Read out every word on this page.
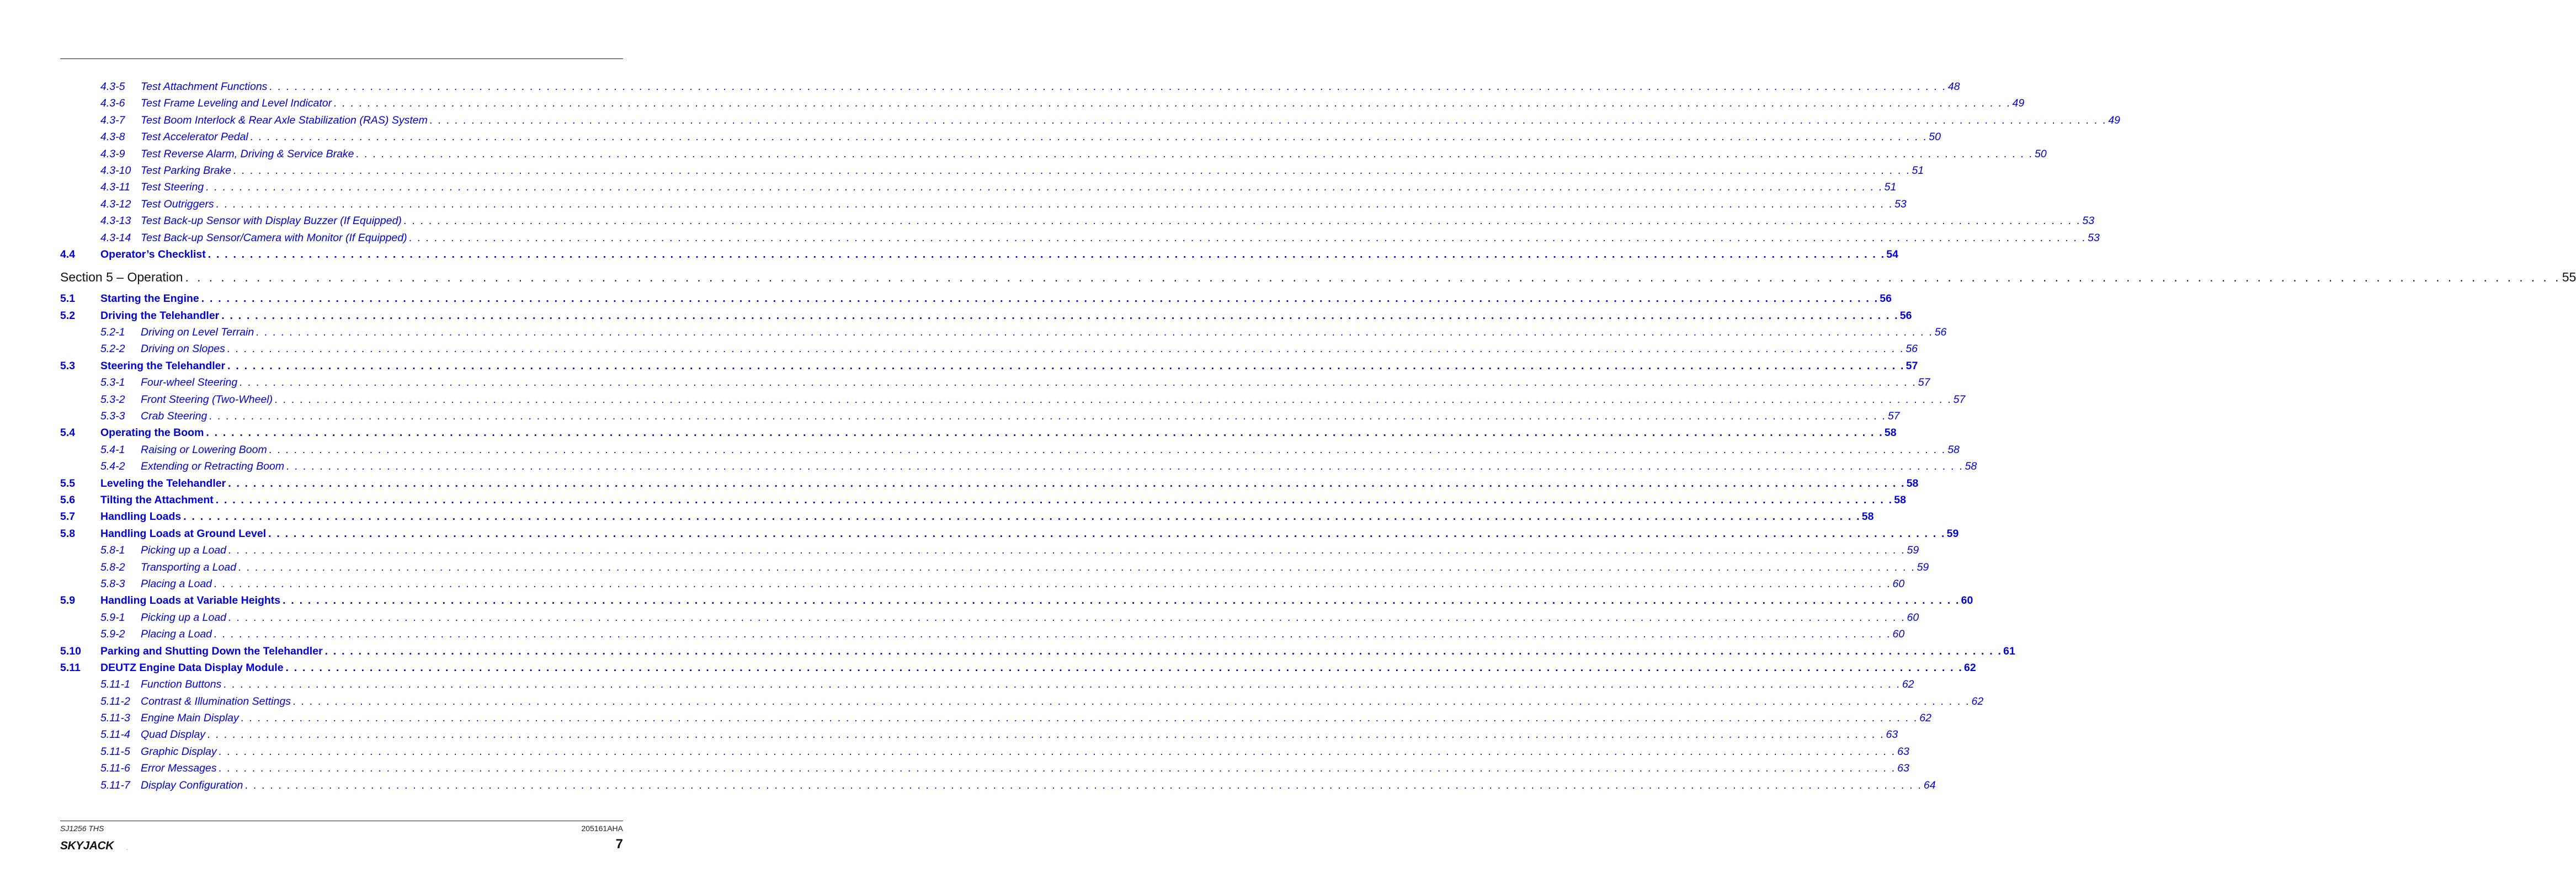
4.3-5	Test Attachment Functions . . . . . . . . . . . . . . . . . . . . . . . . . . . . . . . . . . . . . . . . . . . . . . . . . . . . . . . . . . . . . . . . . . . . . . . . . . . . . . . . . . . . . . . . . . . . . . . . . . . . . . . . . . . . . . . . . . . . . . . . . . . . . . . . . . . . . . . . . . . . . . . . . . . . . . . . . . . . . . . . . . . . . . . . . . . . . . . . . . . . . . . . . . . . . . . . . . . . . . . . 48
4.3-6	Test Frame Leveling and Level Indicator . . . . . . . . . . . . . . . . . . . . . . . . . . . . . . . . . . . . . . . . . . . . . . . . . . . . . . . . . . . . . . . . . . . . . . . . . . . . . . . . . . . . . . . . . . . . . . . . . . . . . . . . . . . . . . . . . . . . . . . . . . . . . . . . . . . . . . . . . . . . . . . . . . . . . . . . . . . . . . . . . . . . . . . . . . . . . . . . . . . . . . . . . . . . . . . . . . . . . . . . 49
4.3-7	Test Boom Interlock & Rear Axle Stabilization (RAS) System . . . . . . . . . . . . . . . . . . . . . . . . . . . . . . . . . . . . . . . . . . . . . . . . . . . . . . . . . . . . . . . . . . . . . . . . . . . . . . . . . . . . . . . . . . . . . . . . . . . . . . . . . . . . . . . . . . . . . . . . . . . . . . . . . . . . . . . . . . . . . . . . . . . . . . . . . . . . . . . . . . . . . . . . . . . . . . . . . . . . . . . . . . . . . . . . . . . . . . . . 49
4.3-8	Test Accelerator Pedal . . . . . . . . . . . . . . . . . . . . . . . . . . . . . . . . . . . . . . . . . . . . . . . . . . . . . . . . . . . . . . . . . . . . . . . . . . . . . . . . . . . . . . . . . . . . . . . . . . . . . . . . . . . . . . . . . . . . . . . . . . . . . . . . . . . . . . . . . . . . . . . . . . . . . . . . . . . . . . . . . . . . . . . . . . . . . . . . . . . . . . . . . . . . . . . . . . . . . . . . 50
4.3-9	Test Reverse Alarm, Driving & Service Brake . . . . . . . . . . . . . . . . . . . . . . . . . . . . . . . . . . . . . . . . . . . . . . . . . . . . . . . . . . . . . . . . . . . . . . . . . . . . . . . . . . . . . . . . . . . . . . . . . . . . . . . . . . . . . . . . . . . . . . . . . . . . . . . . . . . . . . . . . . . . . . . . . . . . . . . . . . . . . . . . . . . . . . . . . . . . . . . . . . . . . . . . . . . . . . . . . . . . . . . . 50
4.3-10 Test Parking Brake . . . . . . . . . . . . . . . . . . . . . . . . . . . . . . . . . . . . . . . . . . . . . . . . . . . . . . . . . . . . . . . . . . . . . . . . . . . . . . . . . . . . . . . . . . . . . . . . . . . . . . . . . . . . . . . . . . . . . . . . . . . . . . . . . . . . . . . . . . . . . . . . . . . . . . . . . . . . . . . . . . . . . . . . . . . . . . . . . . . . . . . . . . . . . . . . . . . . . . . . 51
4.3-11 Test Steering . . . . . . . . . . . . . . . . . . . . . . . . . . . . . . . . . . . . . . . . . . . . . . . . . . . . . . . . . . . . . . . . . . . . . . . . . . . . . . . . . . . . . . . . . . . . . . . . . . . . . . . . . . . . . . . . . . . . . . . . . . . . . . . . . . . . . . . . . . . . . . . . . . . . . . . . . . . . . . . . . . . . . . . . . . . . . . . . . . . . . . . . . . . . . . . . . . . . . . . . 51
4.3-12 Test Outriggers . . . . . . . . . . . . . . . . . . . . . . . . . . . . . . . . . . . . . . . . . . . . . . . . . . . . . . . . . . . . . . . . . . . . . . . . . . . . . . . . . . . . . . . . . . . . . . . . . . . . . . . . . . . . . . . . . . . . . . . . . . . . . . . . . . . . . . . . . . . . . . . . . . . . . . . . . . . . . . . . . . . . . . . . . . . . . . . . . . . . . . . . . . . . . . . . . . . . . . . . 53
4.3-13 Test Back-up Sensor with Display Buzzer (If Equipped) . . . . . . . . . . . . . . . . . . . . . . . . . . . . . . . . . . . . . . . . . . . . . . . . . . . . . . . . . . . . . . . . . . . . . . . . . . . . . . . . . . . . . . . . . . . . . . . . . . . . . . . . . . . . . . . . . . . . . . . . . . . . . . . . . . . . . . . . . . . . . . . . . . . . . . . . . . . . . . . . . . . . . . . . . . . . . . . . . . . . . . . . . . . . . . . . . . . . . . . . 53
4.3-14 Test Back-up Sensor/Camera with Monitor (If Equipped) . . . . . . . . . . . . . . . . . . . . . . . . . . . . . . . . . . . . . . . . . . . . . . . . . . . . . . . . . . . . . . . . . . . . . . . . . . . . . . . . . . . . . . . . . . . . . . . . . . . . . . . . . . . . . . . . . . . . . . . . . . . . . . . . . . . . . . . . . . . . . . . . . . . . . . . . . . . . . . . . . . . . . . . . . . . . . . . . . . . . . . . . . . . . . . . . . . . . . . . . 53
4.4	Operator’s Checklist . . . . . . . . . . . . . . . . . . . . . . . . . . . . . . . . . . . . . . . . . . . . . . . . . . . . . . . . . . . . . . . . . . . . . . . . . . . . . . . . . . . . . . . . . . . . . . . . . . . . . . . . . . . . . . . . . . . . . . . . . . . . . . . . . . . . . . . . . . . . . . . . . . . . . . . . . . . . . . . . . . . . . . . . . . . . . . . . . . . . . . . . . . . . . . . . . . . . . . . . 54
Section 5 – Operation . . . . . . . . . . . . . . . . . . . . . . . . . . . . . . . . . . . . . . . . . . . . . . . . . . . . . . . . . . . . . . . . . . . . . . . . . . . . . . . . . . . . . . . . . . . . . . . . . . . . . . . . . . . . . . . . . . . . . . . . . . . . . . . . . . . . . . . . . . . . . . . . . . . . . . . . . . . . . . . . . . . . . . . . . . . . . . . . . . . . . . . . . . . . . . . . . . . . . . . . 55
5.1	Starting the Engine . . . . . . . . . . . . . . . . . . . . . . . . . . . . . . . . . . . . . . . . . . . . . . . . . . . . . . . . . . . . . . . . . . . . . . . . . . . . . . . . . . . . . . . . . . . . . . . . . . . . . . . . . . . . . . . . . . . . . . . . . . . . . . . . . . . . . . . . . . . . . . . . . . . . . . . . . . . . . . . . . . . . . . . . . . . . . . . . . . . . . . . . . . . . . . . . . . . . . . . . 56
5.2	Driving the Telehandler . . . . . . . . . . . . . . . . . . . . . . . . . . . . . . . . . . . . . . . . . . . . . . . . . . . . . . . . . . . . . . . . . . . . . . . . . . . . . . . . . . . . . . . . . . . . . . . . . . . . . . . . . . . . . . . . . . . . . . . . . . . . . . . . . . . . . . . . . . . . . . . . . . . . . . . . . . . . . . . . . . . . . . . . . . . . . . . . . . . . . . . . . . . . . . . . . . . . . . . . 56
5.2-1	Driving on Level Terrain . . . . . . . . . . . . . . . . . . . . . . . . . . . . . . . . . . . . . . . . . . . . . . . . . . . . . . . . . . . . . . . . . . . . . . . . . . . . . . . . . . . . . . . . . . . . . . . . . . . . . . . . . . . . . . . . . . . . . . . . . . . . . . . . . . . . . . . . . . . . . . . . . . . . . . . . . . . . . . . . . . . . . . . . . . . . . . . . . . . . . . . . . . . . . . . . . . . . . . . . 56
5.2-2	Driving on Slopes . . . . . . . . . . . . . . . . . . . . . . . . . . . . . . . . . . . . . . . . . . . . . . . . . . . . . . . . . . . . . . . . . . . . . . . . . . . . . . . . . . . . . . . . . . . . . . . . . . . . . . . . . . . . . . . . . . . . . . . . . . . . . . . . . . . . . . . . . . . . . . . . . . . . . . . . . . . . . . . . . . . . . . . . . . . . . . . . . . . . . . . . . . . . . . . . . . . . . . . . 56
5.3	Steering the Telehandler . . . . . . . . . . . . . . . . . . . . . . . . . . . . . . . . . . . . . . . . . . . . . . . . . . . . . . . . . . . . . . . . . . . . . . . . . . . . . . . . . . . . . . . . . . . . . . . . . . . . . . . . . . . . . . . . . . . . . . . . . . . . . . . . . . . . . . . . . . . . . . . . . . . . . . . . . . . . . . . . . . . . . . . . . . . . . . . . . . . . . . . . . . . . . . . . . . . . . . . . 57
5.3-1	Four-wheel Steering . . . . . . . . . . . . . . . . . . . . . . . . . . . . . . . . . . . . . . . . . . . . . . . . . . . . . . . . . . . . . . . . . . . . . . . . . . . . . . . . . . . . . . . . . . . . . . . . . . . . . . . . . . . . . . . . . . . . . . . . . . . . . . . . . . . . . . . . . . . . . . . . . . . . . . . . . . . . . . . . . . . . . . . . . . . . . . . . . . . . . . . . . . . . . . . . . . . . . . . . 57
5.3-2	Front Steering (Two-Wheel) . . . . . . . . . . . . . . . . . . . . . . . . . . . . . . . . . . . . . . . . . . . . . . . . . . . . . . . . . . . . . . . . . . . . . . . . . . . . . . . . . . . . . . . . . . . . . . . . . . . . . . . . . . . . . . . . . . . . . . . . . . . . . . . . . . . . . . . . . . . . . . . . . . . . . . . . . . . . . . . . . . . . . . . . . . . . . . . . . . . . . . . . . . . . . . . . . . . . . . . . 57
5.3-3	Crab Steering . . . . . . . . . . . . . . . . . . . . . . . . . . . . . . . . . . . . . . . . . . . . . . . . . . . . . . . . . . . . . . . . . . . . . . . . . . . . . . . . . . . . . . . . . . . . . . . . . . . . . . . . . . . . . . . . . . . . . . . . . . . . . . . . . . . . . . . . . . . . . . . . . . . . . . . . . . . . . . . . . . . . . . . . . . . . . . . . . . . . . . . . . . . . . . . . . . . . . . . . 57
5.4	Operating the Boom . . . . . . . . . . . . . . . . . . . . . . . . . . . . . . . . . . . . . . . . . . . . . . . . . . . . . . . . . . . . . . . . . . . . . . . . . . . . . . . . . . . . . . . . . . . . . . . . . . . . . . . . . . . . . . . . . . . . . . . . . . . . . . . . . . . . . . . . . . . . . . . . . . . . . . . . . . . . . . . . . . . . . . . . . . . . . . . . . . . . . . . . . . . . . . . . . . . . . . . . 58
5.4-1	Raising or Lowering Boom . . . . . . . . . . . . . . . . . . . . . . . . . . . . . . . . . . . . . . . . . . . . . . . . . . . . . . . . . . . . . . . . . . . . . . . . . . . . . . . . . . . . . . . . . . . . . . . . . . . . . . . . . . . . . . . . . . . . . . . . . . . . . . . . . . . . . . . . . . . . . . . . . . . . . . . . . . . . . . . . . . . . . . . . . . . . . . . . . . . . . . . . . . . . . . . . . . . . . . . . 58
5.4-2	Extending or Retracting Boom . . . . . . . . . . . . . . . . . . . . . . . . . . . . . . . . . . . . . . . . . . . . . . . . . . . . . . . . . . . . . . . . . . . . . . . . . . . . . . . . . . . . . . . . . . . . . . . . . . . . . . . . . . . . . . . . . . . . . . . . . . . . . . . . . . . . . . . . . . . . . . . . . . . . . . . . . . . . . . . . . . . . . . . . . . . . . . . . . . . . . . . . . . . . . . . . . . . . . . . . 58
5.5	Leveling the Telehandler . . . . . . . . . . . . . . . . . . . . . . . . . . . . . . . . . . . . . . . . . . . . . . . . . . . . . . . . . . . . . . . . . . . . . . . . . . . . . . . . . . . . . . . . . . . . . . . . . . . . . . . . . . . . . . . . . . . . . . . . . . . . . . . . . . . . . . . . . . . . . . . . . . . . . . . . . . . . . . . . . . . . . . . . . . . . . . . . . . . . . . . . . . . . . . . . . . . . . . . . 58
5.6	Tilting the Attachment . . . . . . . . . . . . . . . . . . . . . . . . . . . . . . . . . . . . . . . . . . . . . . . . . . . . . . . . . . . . . . . . . . . . . . . . . . . . . . . . . . . . . . . . . . . . . . . . . . . . . . . . . . . . . . . . . . . . . . . . . . . . . . . . . . . . . . . . . . . . . . . . . . . . . . . . . . . . . . . . . . . . . . . . . . . . . . . . . . . . . . . . . . . . . . . . . . . . . . . . 58
5.7	Handling Loads . . . . . . . . . . . . . . . . . . . . . . . . . . . . . . . . . . . . . . . . . . . . . . . . . . . . . . . . . . . . . . . . . . . . . . . . . . . . . . . . . . . . . . . . . . . . . . . . . . . . . . . . . . . . . . . . . . . . . . . . . . . . . . . . . . . . . . . . . . . . . . . . . . . . . . . . . . . . . . . . . . . . . . . . . . . . . . . . . . . . . . . . . . . . . . . . . . . . . . . . 58
5.8	Handling Loads at Ground Level . . . . . . . . . . . . . . . . . . . . . . . . . . . . . . . . . . . . . . . . . . . . . . . . . . . . . . . . . . . . . . . . . . . . . . . . . . . . . . . . . . . . . . . . . . . . . . . . . . . . . . . . . . . . . . . . . . . . . . . . . . . . . . . . . . . . . . . . . . . . . . . . . . . . . . . . . . . . . . . . . . . . . . . . . . . . . . . . . . . . . . . . . . . . . . . . . . . . . . . . 59
5.8-1	Picking up a Load . . . . . . . . . . . . . . . . . . . . . . . . . . . . . . . . . . . . . . . . . . . . . . . . . . . . . . . . . . . . . . . . . . . . . . . . . . . . . . . . . . . . . . . . . . . . . . . . . . . . . . . . . . . . . . . . . . . . . . . . . . . . . . . . . . . . . . . . . . . . . . . . . . . . . . . . . . . . . . . . . . . . . . . . . . . . . . . . . . . . . . . . . . . . . . . . . . . . . . . . 59
5.8-2	Transporting a Load . . . . . . . . . . . . . . . . . . . . . . . . . . . . . . . . . . . . . . . . . . . . . . . . . . . . . . . . . . . . . . . . . . . . . . . . . . . . . . . . . . . . . . . . . . . . . . . . . . . . . . . . . . . . . . . . . . . . . . . . . . . . . . . . . . . . . . . . . . . . . . . . . . . . . . . . . . . . . . . . . . . . . . . . . . . . . . . . . . . . . . . . . . . . . . . . . . . . . . . . 59
5.8-3	Placing a Load . . . . . . . . . . . . . . . . . . . . . . . . . . . . . . . . . . . . . . . . . . . . . . . . . . . . . . . . . . . . . . . . . . . . . . . . . . . . . . . . . . . . . . . . . . . . . . . . . . . . . . . . . . . . . . . . . . . . . . . . . . . . . . . . . . . . . . . . . . . . . . . . . . . . . . . . . . . . . . . . . . . . . . . . . . . . . . . . . . . . . . . . . . . . . . . . . . . . . . . . 60
5.9	Handling Loads at Variable Heights . . . . . . . . . . . . . . . . . . . . . . . . . . . . . . . . . . . . . . . . . . . . . . . . . . . . . . . . . . . . . . . . . . . . . . . . . . . . . . . . . . . . . . . . . . . . . . . . . . . . . . . . . . . . . . . . . . . . . . . . . . . . . . . . . . . . . . . . . . . . . . . . . . . . . . . . . . . . . . . . . . . . . . . . . . . . . . . . . . . . . . . . . . . . . . . . . . . . . . . . 60
5.9-1	Picking up a Load . . . . . . . . . . . . . . . . . . . . . . . . . . . . . . . . . . . . . . . . . . . . . . . . . . . . . . . . . . . . . . . . . . . . . . . . . . . . . . . . . . . . . . . . . . . . . . . . . . . . . . . . . . . . . . . . . . . . . . . . . . . . . . . . . . . . . . . . . . . . . . . . . . . . . . . . . . . . . . . . . . . . . . . . . . . . . . . . . . . . . . . . . . . . . . . . . . . . . . . . 60
5.9-2	Placing a Load . . . . . . . . . . . . . . . . . . . . . . . . . . . . . . . . . . . . . . . . . . . . . . . . . . . . . . . . . . . . . . . . . . . . . . . . . . . . . . . . . . . . . . . . . . . . . . . . . . . . . . . . . . . . . . . . . . . . . . . . . . . . . . . . . . . . . . . . . . . . . . . . . . . . . . . . . . . . . . . . . . . . . . . . . . . . . . . . . . . . . . . . . . . . . . . . . . . . . . . . 60
5.10	Parking and Shutting Down the Telehandler . . . . . . . . . . . . . . . . . . . . . . . . . . . . . . . . . . . . . . . . . . . . . . . . . . . . . . . . . . . . . . . . . . . . . . . . . . . . . . . . . . . . . . . . . . . . . . . . . . . . . . . . . . . . . . . . . . . . . . . . . . . . . . . . . . . . . . . . . . . . . . . . . . . . . . . . . . . . . . . . . . . . . . . . . . . . . . . . . . . . . . . . . . . . . . . . . . . . . . . . 61
5.11	DEUTZ Engine Data Display Module . . . . . . . . . . . . . . . . . . . . . . . . . . . . . . . . . . . . . . . . . . . . . . . . . . . . . . . . . . . . . . . . . . . . . . . . . . . . . . . . . . . . . . . . . . . . . . . . . . . . . . . . . . . . . . . . . . . . . . . . . . . . . . . . . . . . . . . . . . . . . . . . . . . . . . . . . . . . . . . . . . . . . . . . . . . . . . . . . . . . . . . . . . . . . . . . . . . . . . . . 62
5.11-1 Function Buttons . . . . . . . . . . . . . . . . . . . . . . . . . . . . . . . . . . . . . . . . . . . . . . . . . . . . . . . . . . . . . . . . . . . . . . . . . . . . . . . . . . . . . . . . . . . . . . . . . . . . . . . . . . . . . . . . . . . . . . . . . . . . . . . . . . . . . . . . . . . . . . . . . . . . . . . . . . . . . . . . . . . . . . . . . . . . . . . . . . . . . . . . . . . . . . . . . . . . . . . . 62
5.11-2 Contrast & Illumination Settings . . . . . . . . . . . . . . . . . . . . . . . . . . . . . . . . . . . . . . . . . . . . . . . . . . . . . . . . . . . . . . . . . . . . . . . . . . . . . . . . . . . . . . . . . . . . . . . . . . . . . . . . . . . . . . . . . . . . . . . . . . . . . . . . . . . . . . . . . . . . . . . . . . . . . . . . . . . . . . . . . . . . . . . . . . . . . . . . . . . . . . . . . . . . . . . . . . . . . . . . 62
5.11-3 Engine Main Display . . . . . . . . . . . . . . . . . . . . . . . . . . . . . . . . . . . . . . . . . . . . . . . . . . . . . . . . . . . . . . . . . . . . . . . . . . . . . . . . . . . . . . . . . . . . . . . . . . . . . . . . . . . . . . . . . . . . . . . . . . . . . . . . . . . . . . . . . . . . . . . . . . . . . . . . . . . . . . . . . . . . . . . . . . . . . . . . . . . . . . . . . . . . . . . . . . . . . . . . 62
5.11-4 Quad Display . . . . . . . . . . . . . . . . . . . . . . . . . . . . . . . . . . . . . . . . . . . . . . . . . . . . . . . . . . . . . . . . . . . . . . . . . . . . . . . . . . . . . . . . . . . . . . . . . . . . . . . . . . . . . . . . . . . . . . . . . . . . . . . . . . . . . . . . . . . . . . . . . . . . . . . . . . . . . . . . . . . . . . . . . . . . . . . . . . . . . . . . . . . . . . . . . . . . . . . . 63
5.11-5 Graphic Display . . . . . . . . . . . . . . . . . . . . . . . . . . . . . . . . . . . . . . . . . . . . . . . . . . . . . . . . . . . . . . . . . . . . . . . . . . . . . . . . . . . . . . . . . . . . . . . . . . . . . . . . . . . . . . . . . . . . . . . . . . . . . . . . . . . . . . . . . . . . . . . . . . . . . . . . . . . . . . . . . . . . . . . . . . . . . . . . . . . . . . . . . . . . . . . . . . . . . . . . 63
5.11-6 Error Messages . . . . . . . . . . . . . . . . . . . . . . . . . . . . . . . . . . . . . . . . . . . . . . . . . . . . . . . . . . . . . . . . . . . . . . . . . . . . . . . . . . . . . . . . . . . . . . . . . . . . . . . . . . . . . . . . . . . . . . . . . . . . . . . . . . . . . . . . . . . . . . . . . . . . . . . . . . . . . . . . . . . . . . . . . . . . . . . . . . . . . . . . . . . . . . . . . . . . . . . . 63
5.11-7 Display Configuration . . . . . . . . . . . . . . . . . . . . . . . . . . . . . . . . . . . . . . . . . . . . . . . . . . . . . . . . . . . . . . . . . . . . . . . . . . . . . . . . . . . . . . . . . . . . . . . . . . . . . . . . . . . . . . . . . . . . . . . . . . . . . . . . . . . . . . . . . . . . . . . . . . . . . . . . . . . . . . . . . . . . . . . . . . . . . . . . . . . . . . . . . . . . . . . . . . . . . . . . 64
SJ1256 THS	205161AHA
7
SKYJACK	.
